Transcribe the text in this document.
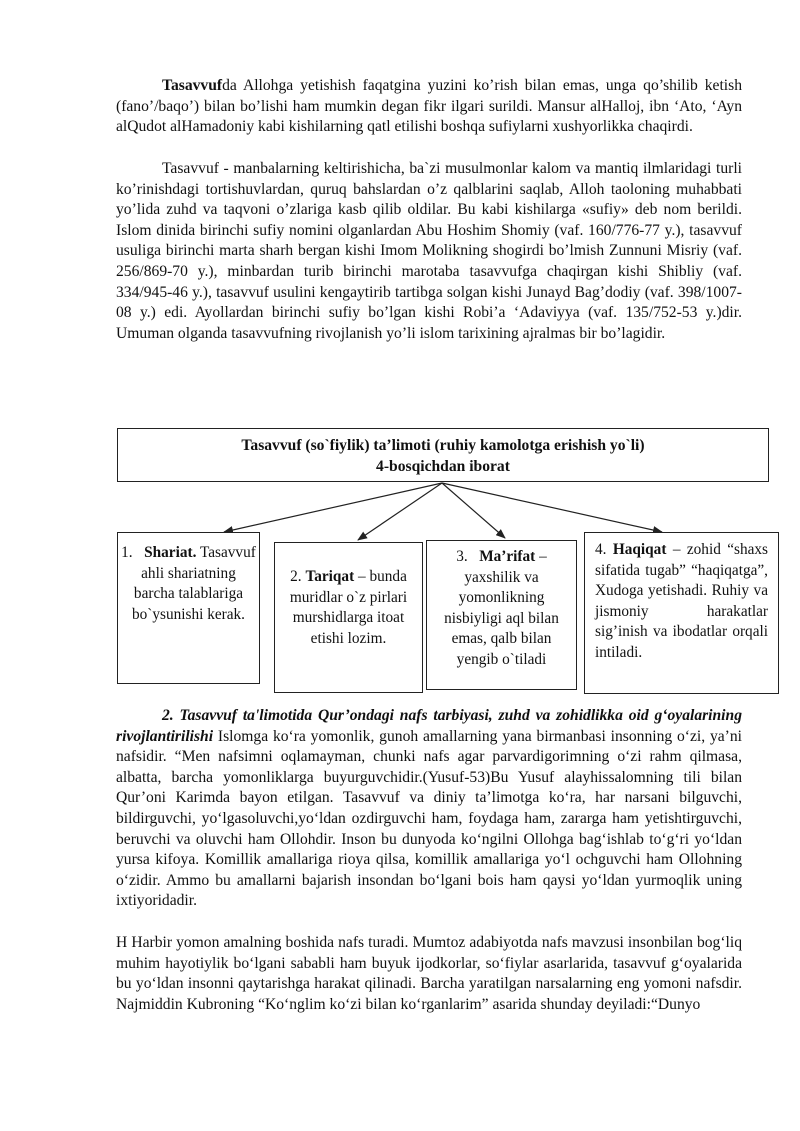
Tasavvufda Allohga yetishish faqatgina yuzini ko’rish bilan emas, unga qo’shilib ketish (fano’/baqo’) bilan bo’lishi ham mumkin degan fikr ilgari surildi. Mansur alHalloj, ibn ‘Ato, ‘Ayn alQudot alHamadoniy kabi kishilarning qatl etilishi boshqa sufiylarni xushyorlikka chaqirdi.

Tasavvuf - manbalarning keltirishicha, ba`zi musulmonlar kalom va mantiq ilmlaridagi turli ko’rinishdagi tortishuvlardan, quruq bahslardan o’z qalblarini saqlab, Alloh taoloning muhabbati yo’lida zuhd va taqvoni o’zlariga kasb qilib oldilar. Bu kabi kishilarga «sufiy» deb nom berildi. Islom dinida birinchi sufiy nomini olganlardan Abu Hoshim Shomiy (vaf. 160/776-77 y.), tasavvuf usuliga birinchi marta sharh bergan kishi Imom Molikning shogirdi bo’lmish Zunnuni Misriy (vaf. 256/869-70 y.), minbardan turib birinchi marotaba tasavvufga chaqirgan kishi Shibliy (vaf. 334/945-46 y.), tasavvuf usulini kengaytirib tartibga solgan kishi Junayd Bag’dodiy (vaf. 398/1007-08 y.) edi. Ayollardan birinchi sufiy bo’lgan kishi Robi’a ‘Adaviyya (vaf. 135/752-53 y.)dir. Umuman olganda tasavvufning rivojlanish yo’li islom tarixining ajralmas bir bo’lagidir.

Tasavvuf (so`fiylik) ta’limoti (ruhiy kamolotga erishish yo`li)
4-bosqichdan iborat
1. Shariat. Tasavvuf ahli shariatning barcha talablariga bo`ysunishi kerak.
2. Tariqat – bunda muridlar o`z pirlari murshidlarga itoat etishi lozim.
3. Ma’rifat – yaxshilik va yomonlikning nisbiyligi aql bilan emas, qalb bilan yengib o`tiladi
4. Haqiqat – zohid “shaxs sifatida tugab” “haqiqatga”, Xudoga yetishadi. Ruhiy va jismoniy harakatlar sig’inish va ibodatlar orqali intiladi.

2. Tasavvuf ta'limotida Qur’ondagi nafs tarbiyasi, zuhd va zohidlikka oid g‘oyalarining rivojlantirilishi Islomga ko‘ra yomonlik, gunoh amallarning yana birmanbasi insonning o‘zi, ya’ni nafsidir. “Men nafsimni oqlamayman, chunki nafs agar parvardigorimning o‘zi rahm qilmasa, albatta, barcha yomonliklarga buyurguvchidir.(Yusuf-53)Bu Yusuf alayhissalomning tili bilan Qur’oni Karimda bayon etilgan. Tasavvuf va diniy ta’limotga ko‘ra, har narsani bilguvchi, bildirguvchi, yo‘lgasoluvchi,yo‘ldan ozdirguvchi ham, foydaga ham, zararga ham yetishtirguvchi, beruvchi va oluvchi ham Ollohdir. Inson bu dunyoda ko‘ngilni Ollohga bag‘ishlab to‘g‘ri yo‘ldan yursa kifoya. Komillik amallariga rioya qilsa, komillik amallariga yo‘l ochguvchi ham Ollohning o‘zidir. Ammo bu amallarni bajarish insondan bo‘lgani bois ham qaysi yo‘ldan yurmoqlik uning ixtiyoridadir.

H Harbir yomon amalning boshida nafs turadi. Mumtoz adabiyotda nafs mavzusi insonbilan bog‘liq muhim hayotiylik bo‘lgani sababli ham buyuk ijodkorlar, so‘fiylar asarlarida, tasavvuf g‘oyalarida bu yo‘ldan insonni qaytarishga harakat qilinadi. Barcha yaratilgan narsalarning eng yomoni nafsdir. Najmiddin Kubroning “Ko‘nglim ko‘zi bilan ko‘rganlarim” asarida shunday deyiladi:“Dunyo
